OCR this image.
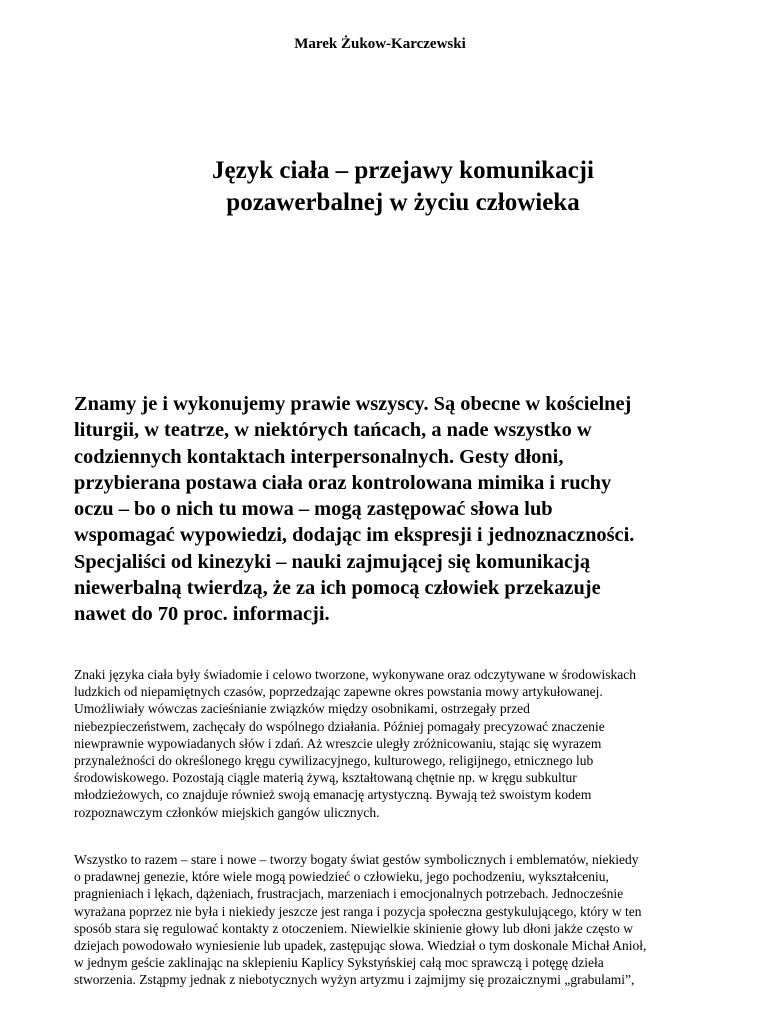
Marek Żukow-Karczewski
Język ciała – przejawy komunikacji
pozawerbalnej w życiu człowieka
Znamy je i wykonujemy prawie wszyscy. Są obecne w kościelnej
liturgii, w teatrze, w niektórych tańcach, a nade wszystko w
codziennych kontaktach interpersonalnych. Gesty dłoni,
przybierana postawa ciała oraz kontrolowana mimika i ruchy
oczu – bo o nich tu mowa – mogą zastępować słowa lub
wspomagać wypowiedzi, dodając im ekspresji i jednoznaczności.
Specjaliści od kinezyki – nauki zajmującej się komunikacją
niewerbalną twierdzą, że za ich pomocą człowiek przekazuje
nawet do 70 proc. informacji.
Znaki języka ciała były świadomie i celowo tworzone, wykonywane oraz odczytywane w środowiskach
ludzkich od niepamiętnych czasów, poprzedzając zapewne okres powstania mowy artykułowanej.
Umożliwiały wówczas zacieśnianie związków między osobnikami, ostrzegały przed
niebezpieczeństwem, zachęcały do wspólnego działania. Później pomagały precyzować znaczenie
niewprawnie wypowiadanych słów i zdań. Aż wreszcie uległy zróżnicowaniu, stając się wyrazem
przynależności do określonego kręgu cywilizacyjnego, kulturowego, religijnego, etnicznego lub
środowiskowego. Pozostają ciągle materią żywą, kształtowaną chętnie np. w kręgu subkultur
młodzieżowych, co znajduje również swoją emanację artystyczną. Bywają też swoistym kodem
rozpoznawczym członków miejskich gangów ulicznych.
Wszystko to razem – stare i nowe – tworzy bogaty świat gestów symbolicznych i emblematów, niekiedy
o pradawnej genezie, które wiele mogą powiedzieć o człowieku, jego pochodzeniu, wykształceniu,
pragnieniach i lękach, dążeniach, frustracjach, marzeniach i emocjonalnych potrzebach. Jednocześnie
wyrażana poprzez nie była i niekiedy jeszcze jest ranga i pozycja społeczna gestykulującego, który w ten
sposób stara się regulować kontakty z otoczeniem. Niewielkie skinienie głowy lub dłoni jakże często w
dziejach powodowało wyniesienie lub upadek, zastępując słowa. Wiedział o tym doskonale Michał Anioł,
w jednym geście zaklinając na sklepieniu Kaplicy Sykstyńskiej całą moc sprawczą i potęgę dzieła
stworzenia. Zstąpmy jednak z niebotycznych wyżyn artyzmu i zajmijmy się prozaicznymi „grabulami”,
